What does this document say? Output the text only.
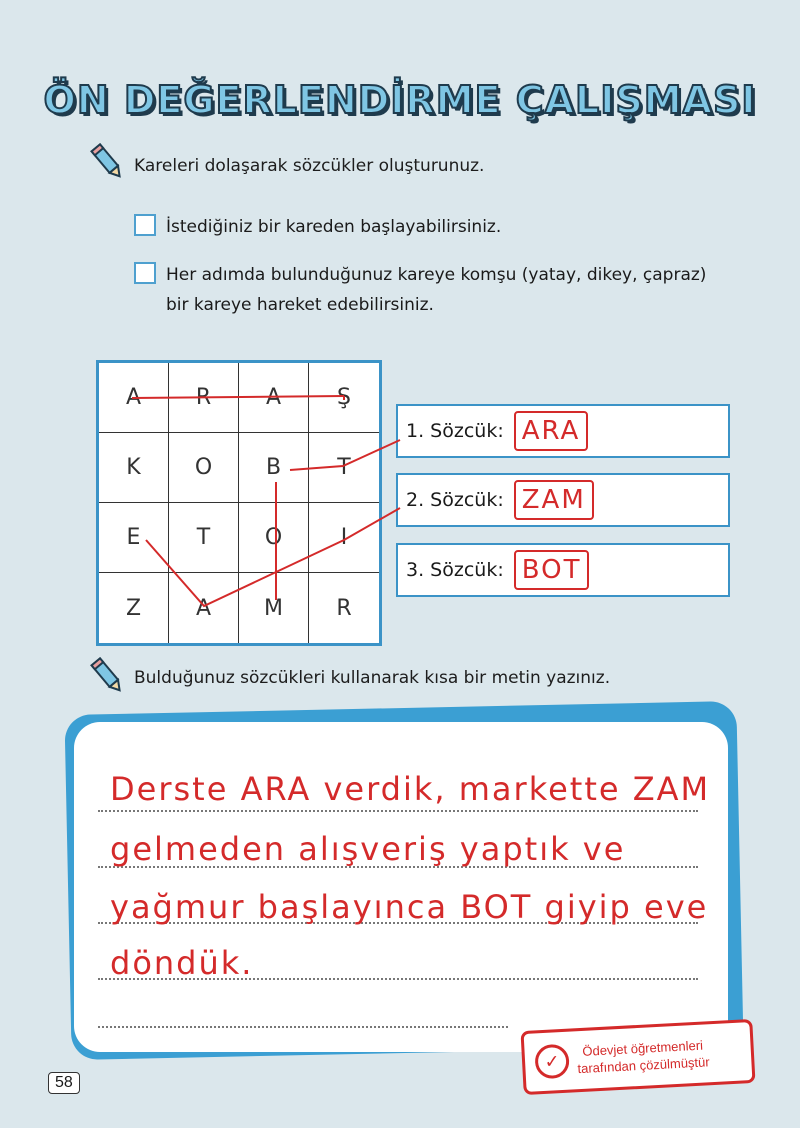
ÖN DEĞERLENDİRME ÇALIŞMASI
Kareleri dolaşarak sözcükler oluşturunuz.
İstediğiniz bir kareden başlayabilirsiniz.
Her adımda bulunduğunuz kareye komşu (yatay, dikey, çapraz) bir kareye hareket edebilirsiniz.
A	R	A	Ş
K	O	B	T
E	T	O	I
Z	A	M	R
1. Sözcük: ARA
2. Sözcük: ZAM
3. Sözcük: BOT
Bulduğunuz sözcükleri kullanarak kısa bir metin yazınız.
Derste ARA verdik, markette ZAM
gelmeden alışveriş yaptık ve
yağmur başlayınca BOT giyip eve
döndük.
✓
Ödevjet öğretmenleri
tarafından çözülmüştür
58
